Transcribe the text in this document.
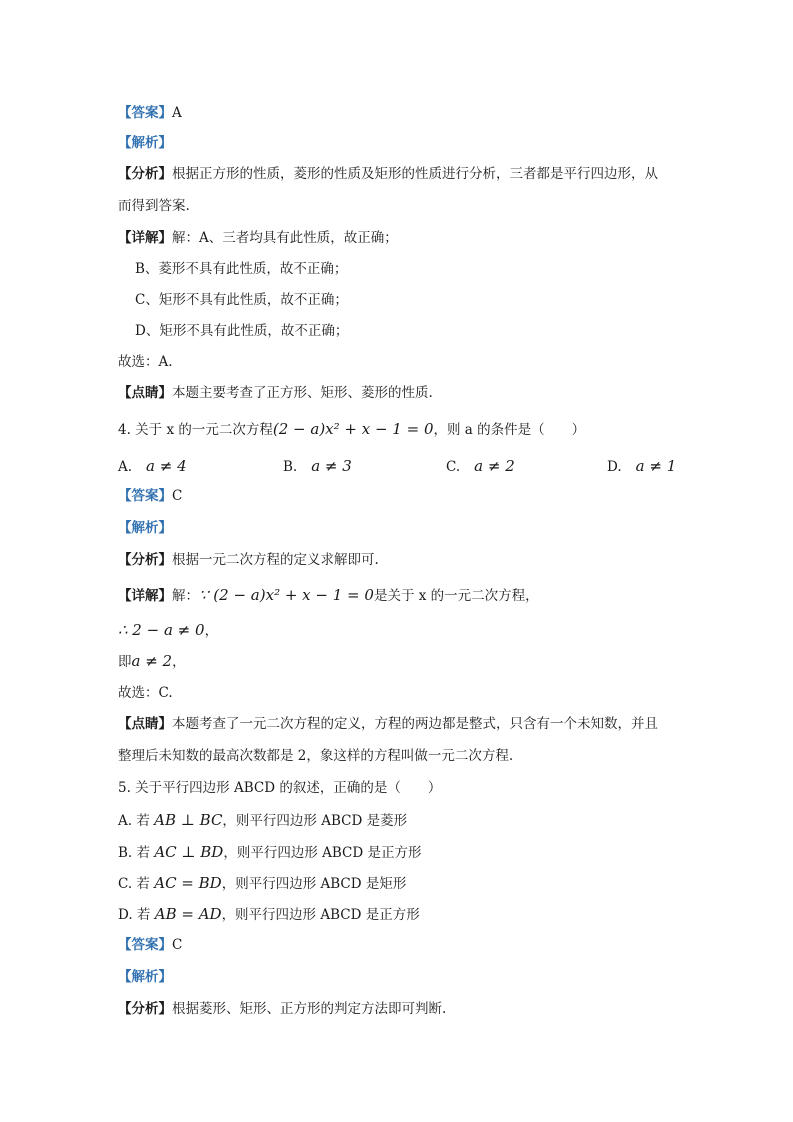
【答案】A
【解析】
【分析】根据正方形的性质，菱形的性质及矩形的性质进行分析，三者都是平行四边形，从
而得到答案.
【详解】解：A、三者均具有此性质，故正确；
B、菱形不具有此性质，故不正确；
C、矩形不具有此性质，故不正确；
D、矩形不具有此性质，故不正确；
故选：A.
【点睛】本题主要考查了正方形、矩形、菱形的性质.
4. 关于 x 的一元二次方程(2 − a)x² + x − 1 = 0，则 a 的条件是（　　）
A. a ≠ 4	B. a ≠ 3	C. a ≠ 2	D. a ≠ 1
【答案】C
【解析】
【分析】根据一元二次方程的定义求解即可.
【详解】解：∵ (2 − a)x² + x − 1 = 0是关于 x 的一元二次方程，
∴ 2 − a ≠ 0，
即a ≠ 2，
故选：C.
【点睛】本题考查了一元二次方程的定义，方程的两边都是整式，只含有一个未知数，并且
整理后未知数的最高次数都是 2，象这样的方程叫做一元二次方程.
5. 关于平行四边形 ABCD 的叙述，正确的是（　　）
A. 若 AB ⊥ BC，则平行四边形 ABCD 是菱形
B. 若 AC ⊥ BD，则平行四边形 ABCD 是正方形
C. 若 AC = BD，则平行四边形 ABCD 是矩形
D. 若 AB = AD，则平行四边形 ABCD 是正方形
【答案】C
【解析】
【分析】根据菱形、矩形、正方形的判定方法即可判断.
